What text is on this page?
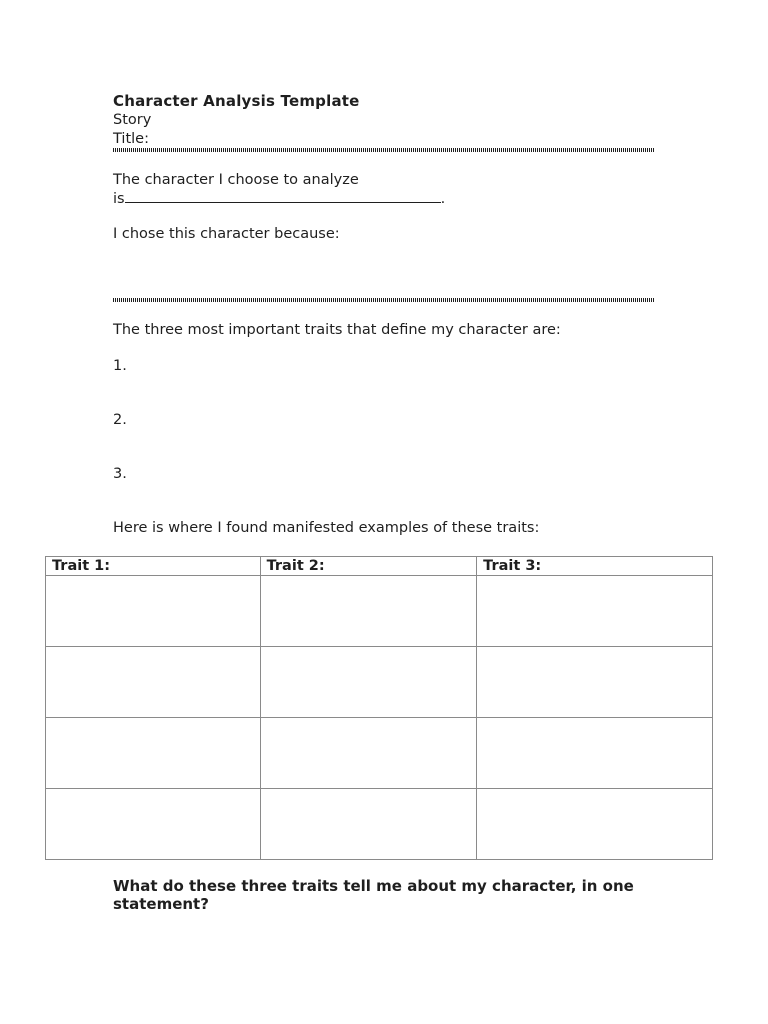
Character Analysis Template
Story
Title:
The character I choose to analyze
is	.
I chose this character because:
The three most important traits that define my character are:
1.
2.
3.
Here is where I found manifested examples of these traits:
Trait 1:	Trait 2:	Trait 3:

What do these three traits tell me about my character, in one statement?
